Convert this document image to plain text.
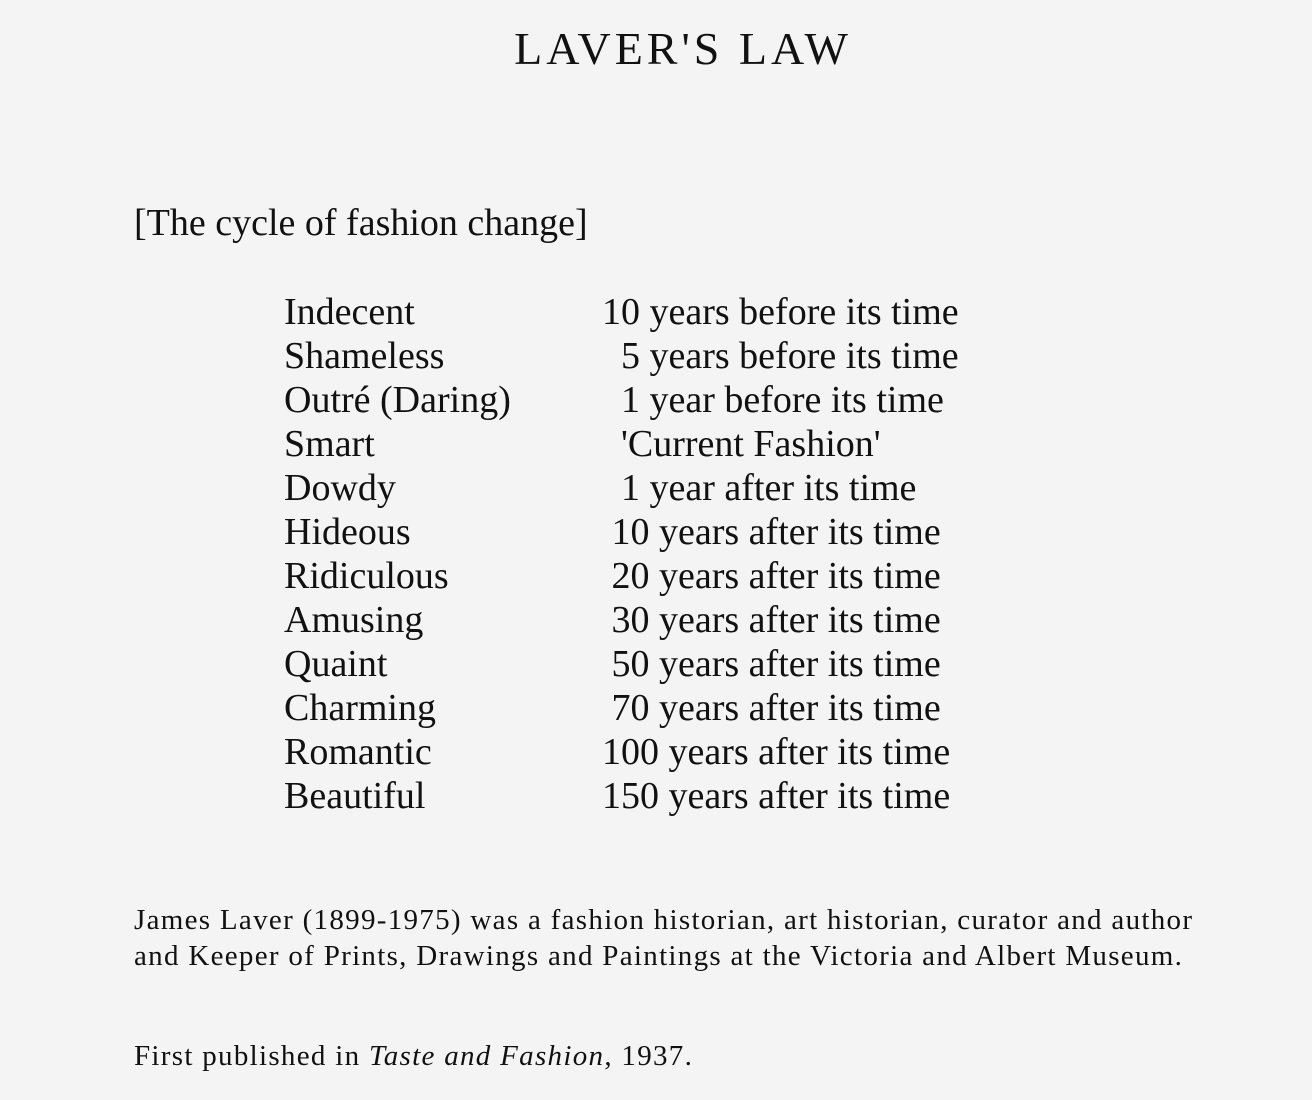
LAVER'S LAW

[The cycle of fashion change]

Indecent	10 years before its time
Shameless	5 years before its time
Outré (Daring)	1 year before its time
Smart	'Current Fashion'
Dowdy	1 year after its time
Hideous	10 years after its time
Ridiculous	20 years after its time
Amusing	30 years after its time
Quaint	50 years after its time
Charming	70 years after its time
Romantic	100 years after its time
Beautiful	150 years after its time

James Laver (1899-1975) was a fashion historian, art historian, curator and author and Keeper of Prints, Drawings and Paintings at the Victoria and Albert Museum.

First published in Taste and Fashion, 1937.
